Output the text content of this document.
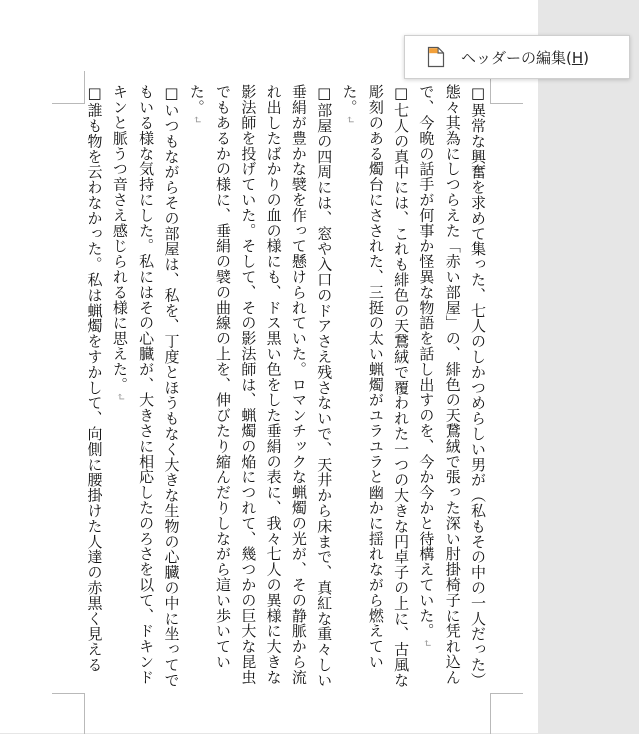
□異常な興奮を求めて集った、七人のしかつめらしい男が（私もその中の一人だった）態々其為にしつらえた「赤い部屋」の、緋色の天鵞絨で張った深い肘掛椅子に凭れ込んで、今晩の話手が何事か怪異な物語を話し出すのを、今か今かと待構えていた。↵

□七人の真中には、これも緋色の天鵞絨で覆われた一つの大きな円卓子の上に、古風な彫刻のある燭台にさされた、三挺の太い蝋燭がユラユラと幽かに揺れながら燃えていた。↵

□部屋の四周には、窓や入口のドアさえ残さないで、天井から床まで、真紅な重々しい垂絹が豊かな襞を作って懸けられていた。ロマンチックな蝋燭の光が、その静脈から流れ出したばかりの血の様にも、ドス黒い色をした垂絹の表に、我々七人の異様に大きな影法師を投げていた。そして、その影法師は、蝋燭の焔につれて、幾つかの巨大な昆虫でもあるかの様に、垂絹の襞の曲線の上を、伸びたり縮んだりしながら這い歩いていた。↵

□いつもながらその部屋は、私を、丁度とほうもなく大きな生物の心臓の中に坐ってでもいる様な気持にした。私にはその心臓が、大きさに相応したのろさを以て、ドキンドキンと脈うつ音さえ感じられる様に思えた。↵

□誰も物を云わなかった。私は蝋燭をすかして、向側に腰掛けた人達の赤黒く見える

ヘッダーの編集(H)
